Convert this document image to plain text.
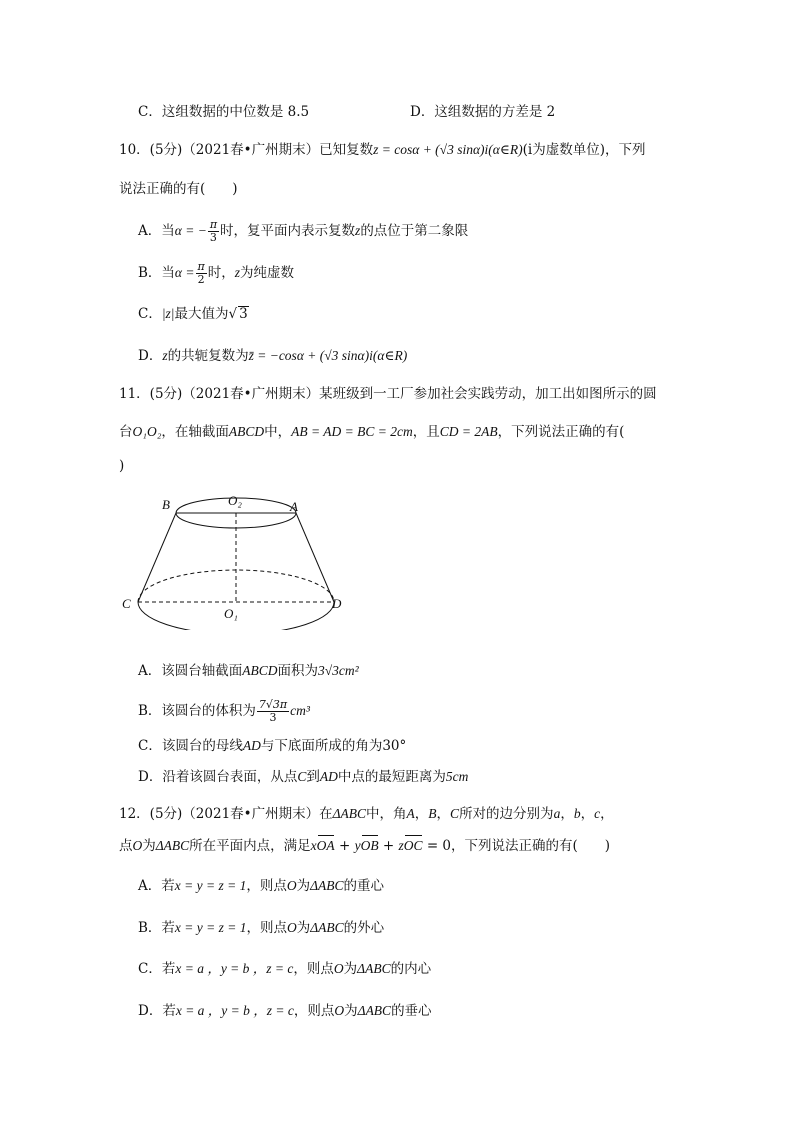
C．这组数据的中位数是 8.5	D．这组数据的方差是 2
10．(5分)（2021春•广州期末）已知复数z = cosα + (√3 sinα)i(α∈R)(i为虚数单位)，下列
说法正确的有(　　)
A．当α = − $\frac{\pi}{3}$ 时，复平面内表示复数z的点位于第二象限
B．当$\alpha = \frac{\pi}{2}$ 时，z为纯虚数
C．|z|最大值为√ 3
D．z的共轭复数为z̄ = −cosα + (√3 sinα)i(α∈R)
11．(5分)（2021春•广州期末）某班级到一工厂参加社会实践劳动，加工出如图所示的圆
台O₁O₂，在轴截面ABCD中，AB = AD = BC = 2cm，且CD = 2AB，下列说法正确的有(
)
B	O₂	A
C	D
O₁
A．该圆台轴截面ABCD面积为3√3cm²
B．该圆台的体积为 $\frac{7√3\pi}{3} cm^3$
C．该圆台的母线AD与下底面所成的角为30°
D．沿着该圆台表面，从点C到AD中点的最短距离为5cm
12．(5分)（2021春•广州期末）在ΔABC中，角A，B，C所对的边分别为a，b，c，
点O为ΔABC所在平面内点，满足xOA + yOB + zOC = 0，下列说法正确的有(　　)
A．若x = y = z = 1，则点O为ΔABC的重心
B．若x = y = z = 1，则点O为ΔABC的外心
C．若x = a ，y = b ，z = c，则点O为ΔABC的内心
D．若x = a ，y = b ，z = c，则点O为ΔABC的垂心
